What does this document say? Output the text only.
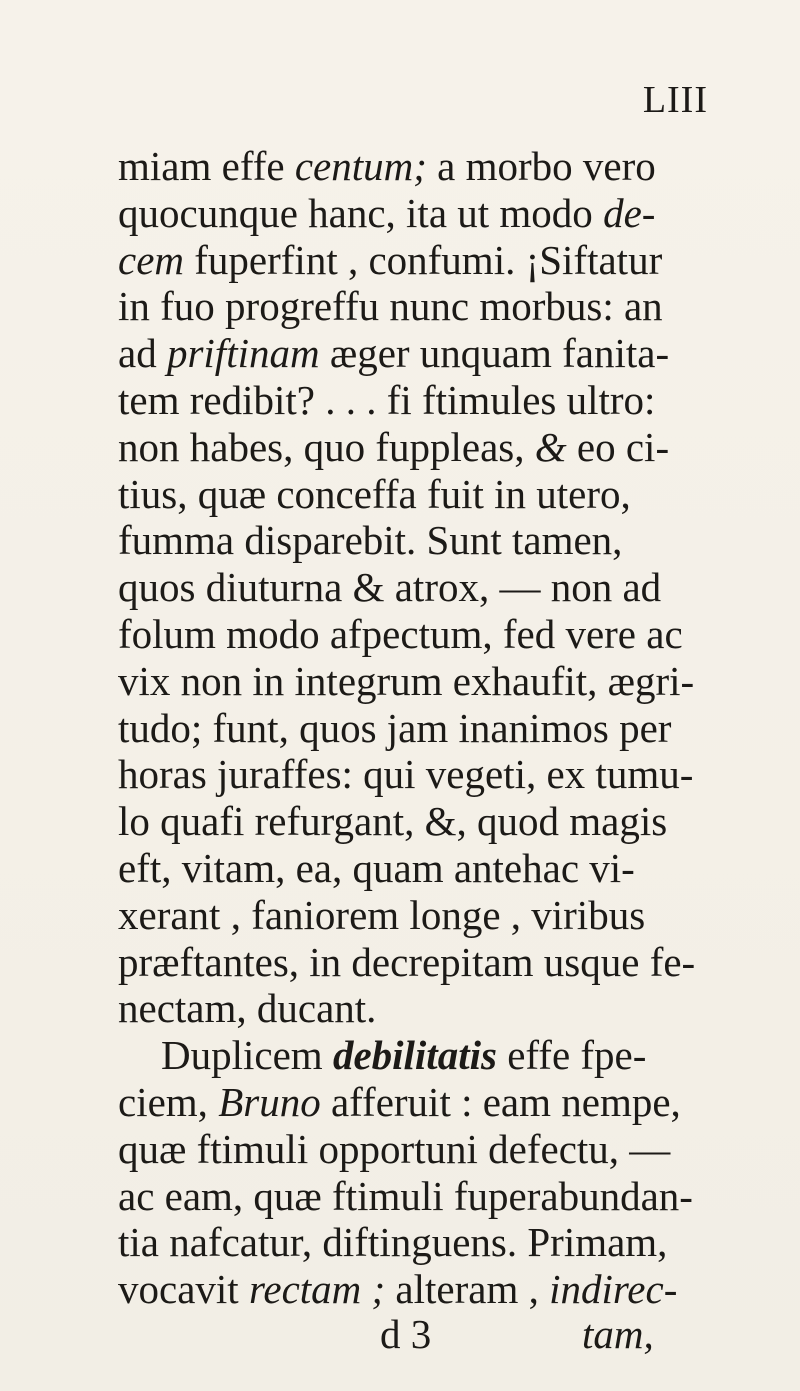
LIII
miam effe centum; a morbo vero
quocunque hanc, ita ut modo de-
cem fuperfint , confumi. ¡Siftatur
in fuo progreffu nunc morbus: an
ad priftinam æger unquam fanita-
tem redibit? . . . fi ftimules ultro:
non habes, quo fuppleas, & eo ci-
tius, quæ conceffa fuit in utero,
fumma disparebit. Sunt tamen,
quos diuturna & atrox, — non ad
folum modo afpectum, fed vere ac
vix non in integrum exhaufit, ægri-
tudo; funt, quos jam inanimos per
horas juraffes: qui vegeti, ex tumu-
lo quafi refurgant, &, quod magis
eft, vitam, ea, quam antehac vi-
xerant , faniorem longe , viribus
præftantes, in decrepitam usque fe-
nectam, ducant.
Duplicem debilitatis effe fpe-
ciem, Bruno afferuit : eam nempe,
quæ ftimuli opportuni defectu, —
ac eam, quæ ftimuli fuperabundan-
tia nafcatur, diftinguens. Primam,
vocavit rectam ; alteram , indirec-
d 3	tam,
